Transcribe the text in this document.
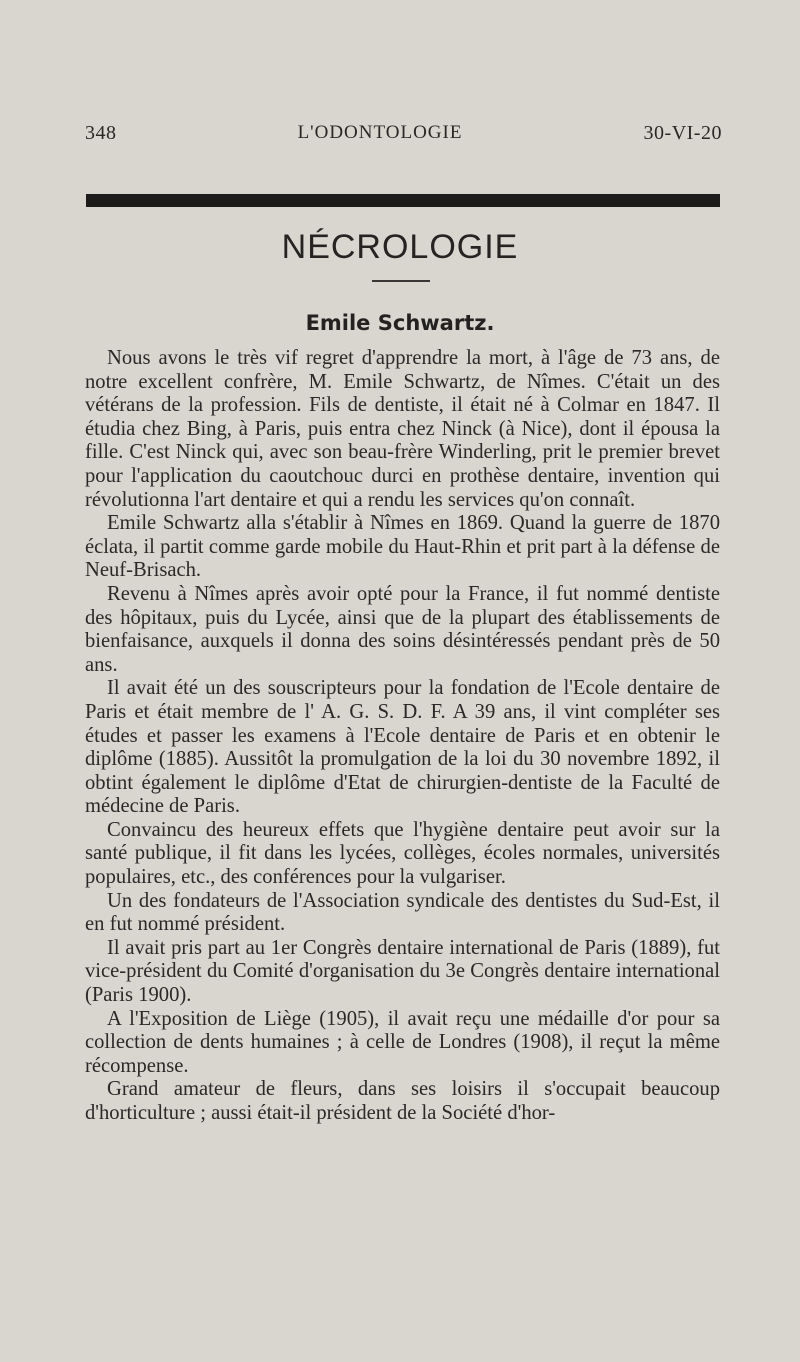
348	L'ODONTOLOGIE	30-VI-20
NÉCROLOGIE
Emile Schwartz.

Nous avons le très vif regret d'apprendre la mort, à l'âge de 73 ans, de notre excellent confrère, M. Emile Schwartz, de Nîmes. C'était un des vétérans de la profession. Fils de dentiste, il était né à Colmar en 1847. Il étudia chez Bing, à Paris, puis entra chez Ninck (à Nice), dont il épousa la fille. C'est Ninck qui, avec son beau-frère Winderling, prit le premier brevet pour l'application du caoutchouc durci en prothèse dentaire, invention qui révolutionna l'art dentaire et qui a rendu les services qu'on connaît.

Emile Schwartz alla s'établir à Nîmes en 1869. Quand la guerre de 1870 éclata, il partit comme garde mobile du Haut-Rhin et prit part à la défense de Neuf-Brisach.

Revenu à Nîmes après avoir opté pour la France, il fut nommé dentiste des hôpitaux, puis du Lycée, ainsi que de la plupart des établissements de bienfaisance, auxquels il donna des soins désintéressés pendant près de 50 ans.

Il avait été un des souscripteurs pour la fondation de l'Ecole dentaire de Paris et était membre de l' A. G. S. D. F. A 39 ans, il vint compléter ses études et passer les examens à l'Ecole dentaire de Paris et en obtenir le diplôme (1885). Aussitôt la promulgation de la loi du 30 novembre 1892, il obtint également le diplôme d'Etat de chirurgien-dentiste de la Faculté de médecine de Paris.

Convaincu des heureux effets que l'hygiène dentaire peut avoir sur la santé publique, il fit dans les lycées, collèges, écoles normales, universités populaires, etc., des conférences pour la vulgariser.

Un des fondateurs de l'Association syndicale des dentistes du Sud-Est, il en fut nommé président.

Il avait pris part au 1er Congrès dentaire international de Paris (1889), fut vice-président du Comité d'organisation du 3e Congrès dentaire international (Paris 1900).

A l'Exposition de Liège (1905), il avait reçu une médaille d'or pour sa collection de dents humaines ; à celle de Londres (1908), il reçut la même récompense.

Grand amateur de fleurs, dans ses loisirs il s'occupait beaucoup d'horticulture ; aussi était-il président de la Société d'hor-
